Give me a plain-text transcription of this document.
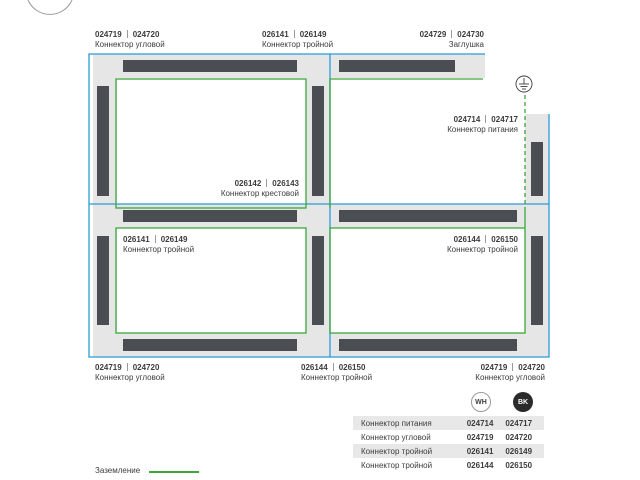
024719 024720
Коннектор угловой
026141 026149
Коннектор тройной
024729 024730
Заглушка
024714 024717
Коннектор питания
026142 026143
Коннектор крестовой
026141 026149
Коннектор тройной
026144 026150
Коннектор тройной
024719 024720
Коннектор угловой
026144 026150
Коннектор тройной
024719 024720
Коннектор угловой
WH	BK
Коннектор питания	024714	024717
Коннектор угловой	024719	024720
Коннектор тройной	026141	026149
Коннектор тройной	026144	026150
Заземление
